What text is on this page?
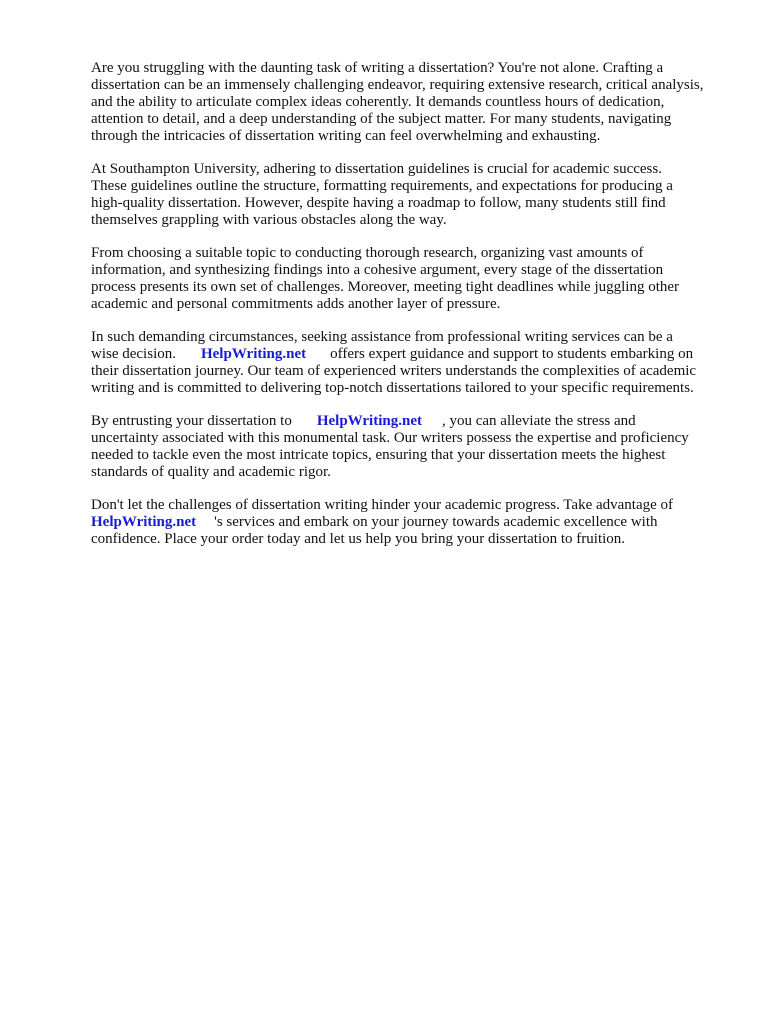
Are you struggling with the daunting task of writing a dissertation? You're not alone. Crafting a
dissertation can be an immensely challenging endeavor, requiring extensive research, critical analysis,
and the ability to articulate complex ideas coherently. It demands countless hours of dedication,
attention to detail, and a deep understanding of the subject matter. For many students, navigating
through the intricacies of dissertation writing can feel overwhelming and exhausting.

At Southampton University, adhering to dissertation guidelines is crucial for academic success.
These guidelines outline the structure, formatting requirements, and expectations for producing a
high-quality dissertation. However, despite having a roadmap to follow, many students still find
themselves grappling with various obstacles along the way.

From choosing a suitable topic to conducting thorough research, organizing vast amounts of
information, and synthesizing findings into a cohesive argument, every stage of the dissertation
process presents its own set of challenges. Moreover, meeting tight deadlines while juggling other
academic and personal commitments adds another layer of pressure.

In such demanding circumstances, seeking assistance from professional writing services can be a
wise decision. HelpWriting.net offers expert guidance and support to students embarking on
their dissertation journey. Our team of experienced writers understands the complexities of academic
writing and is committed to delivering top-notch dissertations tailored to your specific requirements.

By entrusting your dissertation to HelpWriting.net , you can alleviate the stress and
uncertainty associated with this monumental task. Our writers possess the expertise and proficiency
needed to tackle even the most intricate topics, ensuring that your dissertation meets the highest
standards of quality and academic rigor.

Don't let the challenges of dissertation writing hinder your academic progress. Take advantage of
HelpWriting.net 's services and embark on your journey towards academic excellence with
confidence. Place your order today and let us help you bring your dissertation to fruition.
